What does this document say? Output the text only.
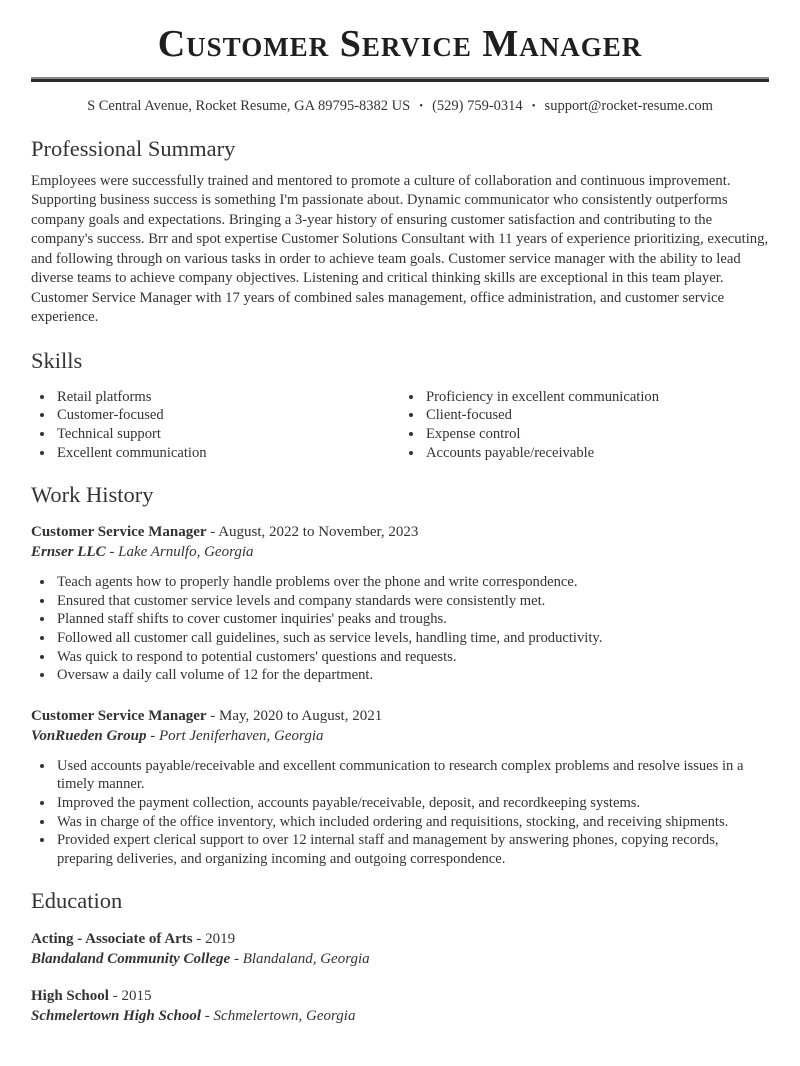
Customer Service Manager
S Central Avenue, Rocket Resume, GA 89795-8382 US • (529) 759-0314 • support@rocket-resume.com
Professional Summary

Employees were successfully trained and mentored to promote a culture of collaboration and continuous improvement. Supporting business success is something I'm passionate about. Dynamic communicator who consistently outperforms company goals and expectations. Bringing a 3-year history of ensuring customer satisfaction and contributing to the company's success. Brr and spot expertise Customer Solutions Consultant with 11 years of experience prioritizing, executing, and following through on various tasks in order to achieve team goals. Customer service manager with the ability to lead diverse teams to achieve company objectives. Listening and critical thinking skills are exceptional in this team player. Customer Service Manager with 17 years of combined sales management, office administration, and customer service experience.

Skills
• Retail platforms
• Customer-focused
• Technical support
• Excellent communication
• Proficiency in excellent communication
• Client-focused
• Expense control
• Accounts payable/receivable
Work History

Customer Service Manager - August, 2022 to November, 2023

Ernser LLC - Lake Arnulfo, Georgia

• Teach agents how to properly handle problems over the phone and write correspondence.
• Ensured that customer service levels and company standards were consistently met.
• Planned staff shifts to cover customer inquiries' peaks and troughs.
• Followed all customer call guidelines, such as service levels, handling time, and productivity.
• Was quick to respond to potential customers' questions and requests.
• Oversaw a daily call volume of 12 for the department.

Customer Service Manager - May, 2020 to August, 2021

VonRueden Group - Port Jeniferhaven, Georgia

• Used accounts payable/receivable and excellent communication to research complex problems and resolve issues in a timely manner.
• Improved the payment collection, accounts payable/receivable, deposit, and recordkeeping systems.
• Was in charge of the office inventory, which included ordering and requisitions, stocking, and receiving shipments.
• Provided expert clerical support to over 12 internal staff and management by answering phones, copying records, preparing deliveries, and organizing incoming and outgoing correspondence.
Education

Acting - Associate of Arts - 2019

Blandaland Community College - Blandaland, Georgia

High School - 2015

Schmelertown High School - Schmelertown, Georgia
